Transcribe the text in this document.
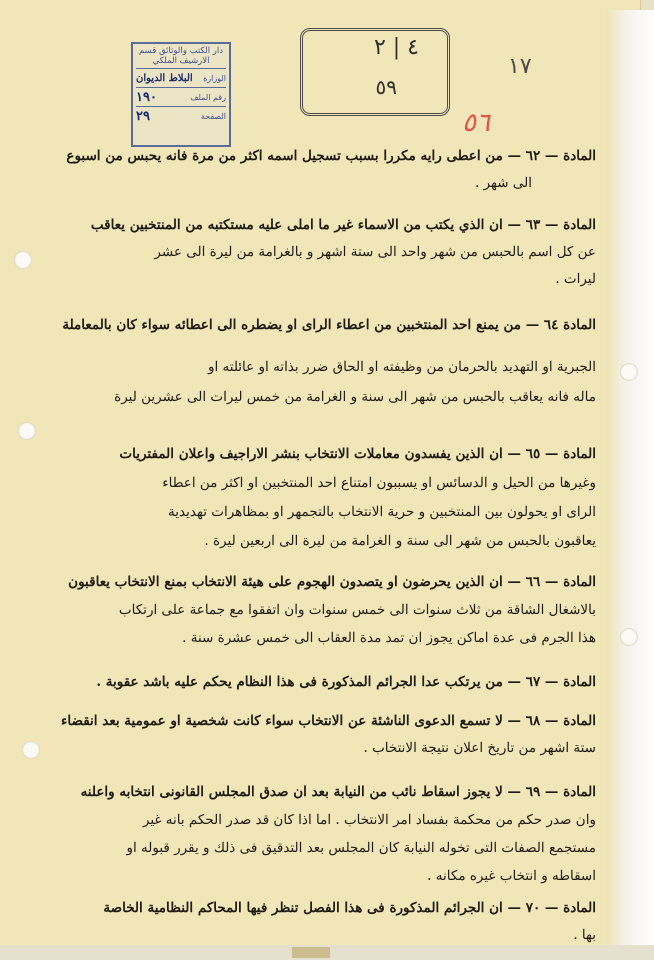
دار الكتب والوثائق قسم الارشيف الملكي
الوزارة
البلاط الديوان
رقم الملف
١٩٠
الصفحة
٢٩
٤ | ٢
٥٩
١٧
٥٦
المادة — ٦٢ — من اعطى رايه مكررا بسبب تسجيل اسمه اكثر من مرة فانه يحبس من اسبوع
الى شهر .
المادة — ٦٣ — ان الذي يكتب من الاسماء غير ما املى عليه مستكتبه من المنتخبين يعاقب
عن كل اسم بالحبس من شهر واحد الى ستة اشهر و بالغرامة من ليرة الى عشر
ليرات .
المادة ٦٤ — من يمنع احد المنتخبين من اعطاء الراى او يضطره الى اعطائه سواء كان بالمعاملة
الجبرية او التهديد بالحرمان من وظيفته او الحاق ضرر بذاته او عائلته او
ماله فانه يعاقب بالحبس من شهر الى سنة و الغرامة من خمس ليرات الى عشرين ليرة
المادة — ٦٥ — ان الذين يفسدون معاملات الانتخاب بنشر الاراجيف واعلان المفتريات
وغيرها من الحيل و الدسائس او يسببون امتناع احد المنتخبين او اكثر من اعطاء
الراى او يحولون بين المنتخبين و حرية الانتخاب بالتجمهر او بمظاهرات تهديدية
يعاقبون بالحبس من شهر الى سنة و الغرامة من ليرة الى اربعين ليرة .
المادة — ٦٦ — ان الذين يحرضون او يتصدون الهجوم على هيئة الانتخاب بمنع الانتخاب يعاقبون
بالاشغال الشاقة من ثلاث سنوات الى خمس سنوات وان اتفقوا مع جماعة على ارتكاب
هذا الجرم فى عدة اماكن يجوز ان تمد مدة العقاب الى خمس عشرة سنة .
المادة — ٦٧ — من يرتكب عدا الجرائم المذكورة فى هذا النظام يحكم عليه باشد عقوبة .
المادة — ٦٨ — لا تسمع الدعوى الناشئة عن الانتخاب سواء كانت شخصية او عمومية بعد انقضاء
ستة اشهر من تاريخ اعلان نتيجة الانتخاب .
المادة — ٦٩ — لا يجوز اسقاط نائب من النيابة بعد ان صدق المجلس القانونى انتخابه واعلنه
وان صدر حكم من محكمة بفساد امر الانتخاب . اما اذا كان قد صدر الحكم بانه غير
مستجمع الصفات التى تخوله النيابة كان المجلس بعد التدقيق فى ذلك و يقرر قبوله او
اسقاطه و انتخاب غيره مكانه .
المادة — ٧٠ — ان الجرائم المذكورة فى هذا الفصل تنظر فيها المحاكم النظامية الخاصة
بها .
